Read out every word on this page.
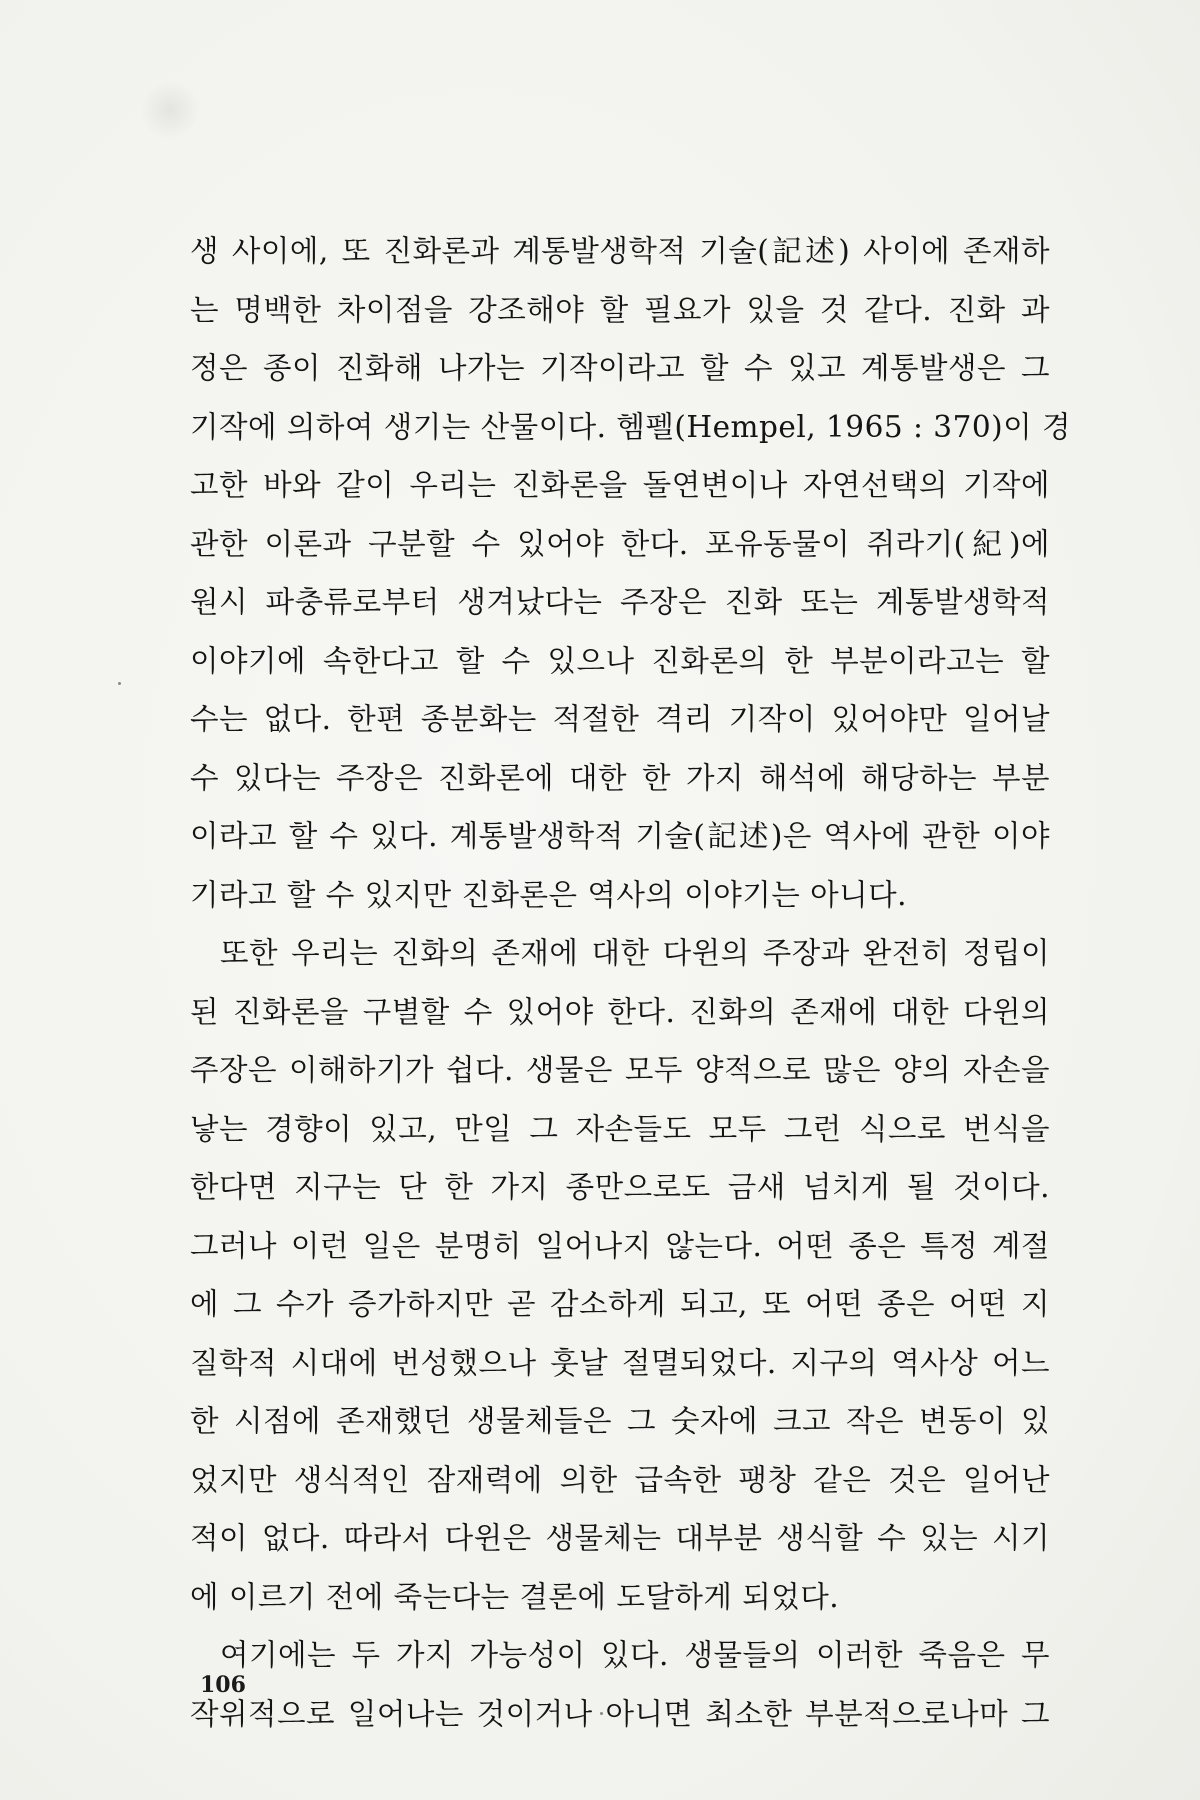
생 사이에, 또 진화론과 계통발생학적 기술(記述) 사이에 존재하
는 명백한 차이점을 강조해야 할 필요가 있을 것 같다. 진화 과
정은 종이 진화해 나가는 기작이라고 할 수 있고 계통발생은 그
기작에 의하여 생기는 산물이다. 헴펠(Hempel, 1965 : 370)이 경
고한 바와 같이 우리는 진화론을 돌연변이나 자연선택의 기작에
관한 이론과 구분할 수 있어야 한다. 포유동물이 쥐라기(紀)에
원시 파충류로부터 생겨났다는 주장은 진화 또는 계통발생학적
이야기에 속한다고 할 수 있으나 진화론의 한 부분이라고는 할
수는 없다. 한편 종분화는 적절한 격리 기작이 있어야만 일어날
수 있다는 주장은 진화론에 대한 한 가지 해석에 해당하는 부분
이라고 할 수 있다. 계통발생학적 기술(記述)은 역사에 관한 이야
기라고 할 수 있지만 진화론은 역사의 이야기는 아니다.
또한 우리는 진화의 존재에 대한 다윈의 주장과 완전히 정립이
된 진화론을 구별할 수 있어야 한다. 진화의 존재에 대한 다윈의
주장은 이해하기가 쉽다. 생물은 모두 양적으로 많은 양의 자손을
낳는 경향이 있고, 만일 그 자손들도 모두 그런 식으로 번식을
한다면 지구는 단 한 가지 종만으로도 금새 넘치게 될 것이다.
그러나 이런 일은 분명히 일어나지 않는다. 어떤 종은 특정 계절
에 그 수가 증가하지만 곧 감소하게 되고, 또 어떤 종은 어떤 지
질학적 시대에 번성했으나 훗날 절멸되었다. 지구의 역사상 어느
한 시점에 존재했던 생물체들은 그 숫자에 크고 작은 변동이 있
었지만 생식적인 잠재력에 의한 급속한 팽창 같은 것은 일어난
적이 없다. 따라서 다윈은 생물체는 대부분 생식할 수 있는 시기
에 이르기 전에 죽는다는 결론에 도달하게 되었다.
여기에는 두 가지 가능성이 있다. 생물들의 이러한 죽음은 무
작위적으로 일어나는 것이거나 아니면 최소한 부분적으로나마 그
106
